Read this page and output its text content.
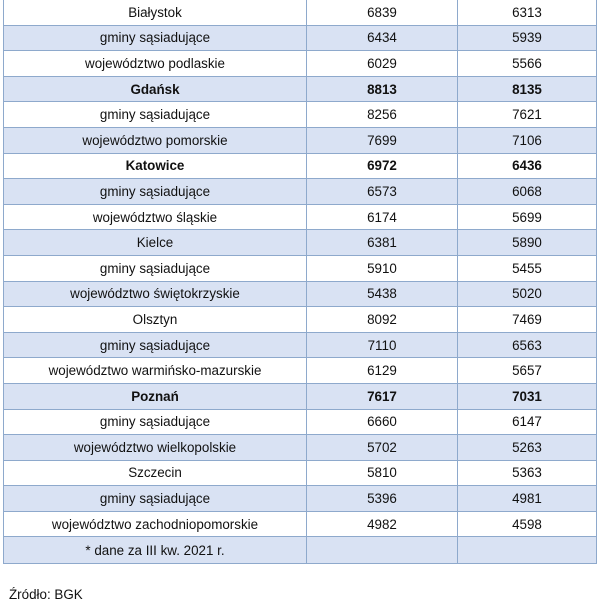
Białystok	6839	6313
gminy sąsiadujące	6434	5939
województwo podlaskie	6029	5566
Gdańsk	8813	8135
gminy sąsiadujące	8256	7621
województwo pomorskie	7699	7106
Katowice	6972	6436
gminy sąsiadujące	6573	6068
województwo śląskie	6174	5699
Kielce	6381	5890
gminy sąsiadujące	5910	5455
województwo świętokrzyskie	5438	5020
Olsztyn	8092	7469
gminy sąsiadujące	7110	6563
województwo warmińsko-mazurskie	6129	5657
Poznań	7617	7031
gminy sąsiadujące	6660	6147
województwo wielkopolskie	5702	5263
Szczecin	5810	5363
gminy sąsiadujące	5396	4981
województwo zachodniopomorskie	4982	4598
* dane za III kw. 2021 r.		
Źródło: BGK
